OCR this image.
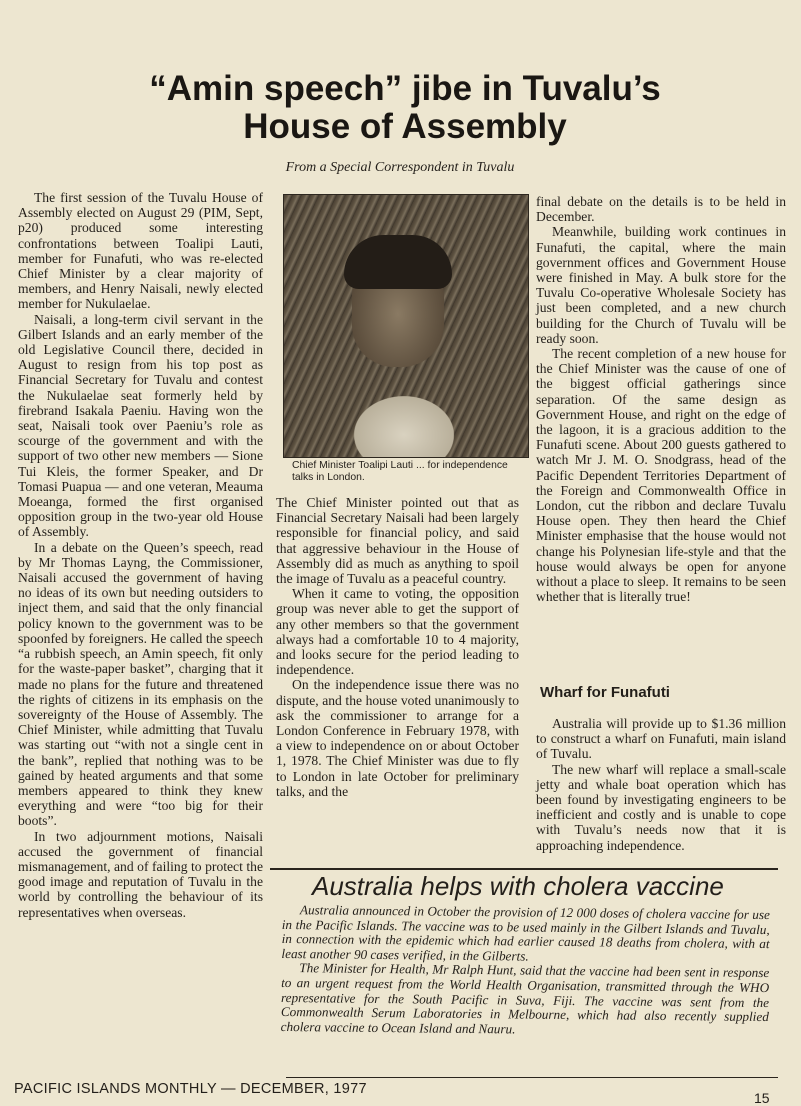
“Amin speech” jibe in Tuvalu’s
House of Assembly
From a Special Correspondent in Tuvalu

The first session of the Tuvalu House of Assembly elected on August 29 (PIM, Sept, p20) produced some interesting confrontations between Toalipi Lauti, member for Funafuti, who was re-elected Chief Minister by a clear majority of members, and Henry Naisali, newly elected member for Nukulaelae.

Naisali, a long-term civil servant in the Gilbert Islands and an early member of the old Legislative Council there, decided in August to resign from his top post as Financial Secretary for Tuvalu and contest the Nukulaelae seat formerly held by firebrand Isakala Paeniu. Having won the seat, Naisali took over Paeniu’s role as scourge of the government and with the support of two other new members — Sione Tui Kleis, the former Speaker, and Dr Tomasi Puapua — and one veteran, Meauma Moeanga, formed the first organised opposition group in the two-year old House of Assembly.

In a debate on the Queen’s speech, read by Mr Thomas Layng, the Commissioner, Naisali accused the government of having no ideas of its own but needing outsiders to inject them, and said that the only financial policy known to the government was to be spoonfed by foreigners. He called the speech “a rubbish speech, an Amin speech, fit only for the waste-paper basket”, charging that it made no plans for the future and threatened the rights of citizens in its emphasis on the sovereignty of the House of Assembly. The Chief Minister, while admitting that Tuvalu was starting out “with not a single cent in the bank”, replied that nothing was to be gained by heated arguments and that some members appeared to think they knew everything and were “too big for their boots”.

In two adjournment motions, Naisali accused the government of financial mismanagement, and of failing to protect the good image and reputation of Tuvalu in the world by controlling the behaviour of its representatives when overseas.

Chief Minister Toalipi Lauti ... for independence talks in London.

The Chief Minister pointed out that as Financial Secretary Naisali had been largely responsible for financial policy, and said that aggressive behaviour in the House of Assembly did as much as anything to spoil the image of Tuvalu as a peaceful country.

When it came to voting, the opposition group was never able to get the support of any other members so that the government always had a comfortable 10 to 4 majority, and looks secure for the period leading to independence.

On the independence issue there was no dispute, and the house voted unanimously to ask the commissioner to arrange for a London Conference in February 1978, with a view to independence on or about October 1, 1978. The Chief Minister was due to fly to London in late October for preliminary talks, and the

final debate on the details is to be held in December.

Meanwhile, building work continues in Funafuti, the capital, where the main government offices and Government House were finished in May. A bulk store for the Tuvalu Co-operative Wholesale Society has just been completed, and a new church building for the Church of Tuvalu will be ready soon.

The recent completion of a new house for the Chief Minister was the cause of one of the biggest official gatherings since separation. Of the same design as Government House, and right on the edge of the lagoon, it is a gracious addition to the Funafuti scene. About 200 guests gathered to watch Mr J. M. O. Snodgrass, head of the Pacific Dependent Territories Department of the Foreign and Commonwealth Office in London, cut the ribbon and declare Tuvalu House open. They then heard the Chief Minister emphasise that the house would not change his Polynesian life-style and that the house would always be open for anyone without a place to sleep. It remains to be seen whether that is literally true!

Wharf for Funafuti

Australia will provide up to $1.36 million to construct a wharf on Funafuti, main island of Tuvalu.

The new wharf will replace a small-scale jetty and whale boat operation which has been found by investigating engineers to be inefficient and costly and is unable to cope with Tuvalu’s needs now that it is approaching independence.

Australia helps with cholera vaccine

Australia announced in October the provision of 12 000 doses of cholera vaccine for use in the Pacific Islands. The vaccine was to be used mainly in the Gilbert Islands and Tuvalu, in connection with the epidemic which had earlier caused 18 deaths from cholera, with at least another 90 cases verified, in the Gilberts.

The Minister for Health, Mr Ralph Hunt, said that the vaccine had been sent in response to an urgent request from the World Health Organisation, transmitted through the WHO representative for the South Pacific in Suva, Fiji. The vaccine was sent from the Commonwealth Serum Laboratories in Melbourne, which had also recently supplied cholera vaccine to Ocean Island and Nauru.

PACIFIC ISLANDS MONTHLY — DECEMBER, 1977
15
